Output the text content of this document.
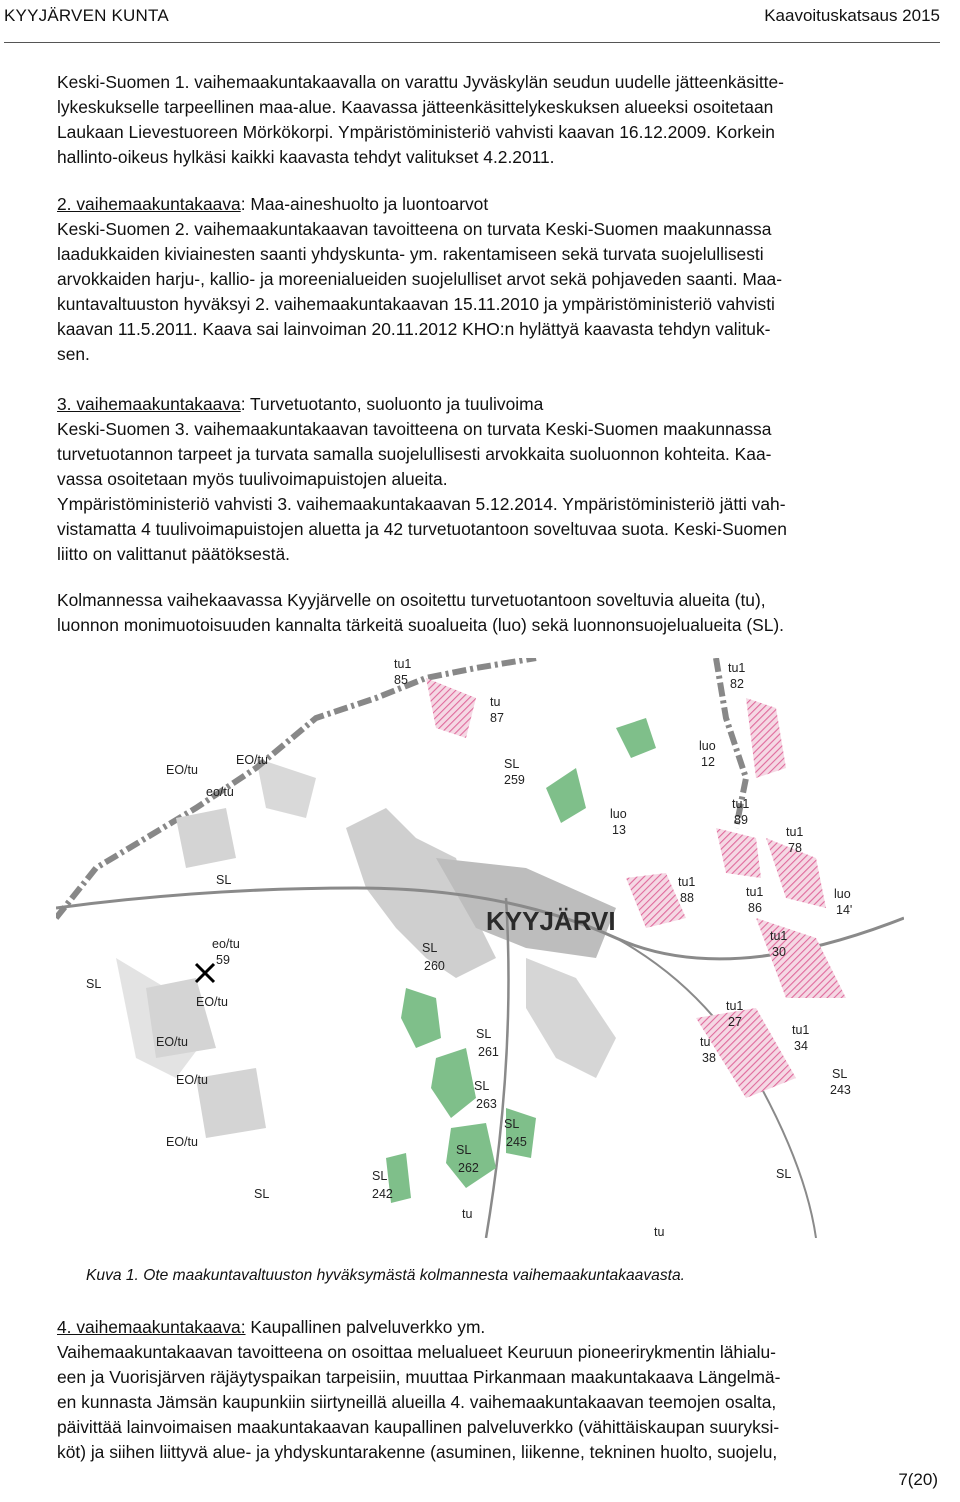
KYYJÄRVEN KUNTA	Kaavoituskatsaus 2015

Keski-Suomen 1. vaihemaakuntakaavalla on varattu Jyväskylän seudun uudelle jätteenkäsitte-

lykeskukselle tarpeellinen maa-alue. Kaavassa jätteenkäsittelykeskuksen alueeksi osoitetaan

Laukaan Lievestuoreen Mörkökorpi. Ympäristöministeriö vahvisti kaavan 16.12.2009. Korkein

hallinto-oikeus hylkäsi kaikki kaavasta tehdyt valitukset 4.2.2011.

2. vaihemaakuntakaava: Maa-aineshuolto ja luontoarvot

Keski-Suomen 2. vaihemaakuntakaavan tavoitteena on turvata Keski-Suomen maakunnassa

laadukkaiden kiviainesten saanti yhdyskunta- ym. rakentamiseen sekä turvata suojelullisesti

arvokkaiden harju-, kallio- ja moreenialueiden suojelulliset arvot sekä pohjaveden saanti. Maa-

kuntavaltuuston hyväksyi 2. vaihemaakuntakaavan 15.11.2010 ja ympäristöministeriö vahvisti

kaavan 11.5.2011. Kaava sai lainvoiman 20.11.2012 KHO:n hylättyä kaavasta tehdyn valituk-

sen.

3. vaihemaakuntakaava: Turvetuotanto, suoluonto ja tuulivoima

Keski-Suomen 3. vaihemaakuntakaavan tavoitteena on turvata Keski-Suomen maakunnassa

turvetuotannon tarpeet ja turvata samalla suojelullisesti arvokkaita suoluonnon kohteita. Kaa-

vassa osoitetaan myös tuulivoimapuistojen alueita.

Ympäristöministeriö vahvisti 3. vaihemaakuntakaavan 5.12.2014. Ympäristöministeriö jätti vah-

vistamatta 4 tuulivoimapuistojen aluetta ja 42 turvetuotantoon soveltuvaa suota. Keski-Suomen

liitto on valittanut päätöksestä.

Kolmannessa vaihekaavassa Kyyjärvelle on osoitettu turvetuotantoon soveltuvia alueita (tu),

luonnon monimuotoisuuden kannalta tärkeitä suoalueita (luo) sekä luonnonsuojelualueita (SL).

KYYJÄRVI
tu1
85
tu
87
SL
259
tu1
82
luo
12
luo
13
tu1
89
tu1
78
tu1
88	tu1
86
luo
14'
tu1
30
eo/tu
59
EO/tu
EO/tu
eo/tu
EO/tu
EO/tu
EO/tu
EO/tu
SL
SL
SL
260
SL
261
SL
263
SL
262
SL
245
SL
242
tu
tu
SL
tu1
27
tu
38
tu1
34
SL
243
SL

Kuva 1. Ote maakuntavaltuuston hyväksymästä kolmannesta vaihemaakuntakaavasta.

4. vaihemaakuntakaava: Kaupallinen palveluverkko ym.

Vaihemaakuntakaavan tavoitteena on osoittaa melualueet Keuruun pioneerirykmentin lähialu-

een ja Vuorisjärven räjäytyspaikan tarpeisiin, muuttaa Pirkanmaan maakuntakaava Längelmä-

en kunnasta Jämsän kaupunkiin siirtyneillä alueilla 4. vaihemaakuntakaavan teemojen osalta,

päivittää lainvoimaisen maakuntakaavan kaupallinen palveluverkko (vähittäiskaupan suuryksi-

köt) ja siihen liittyvä alue- ja yhdyskuntarakenne (asuminen, liikenne, tekninen huolto, suojelu,

7(20)
